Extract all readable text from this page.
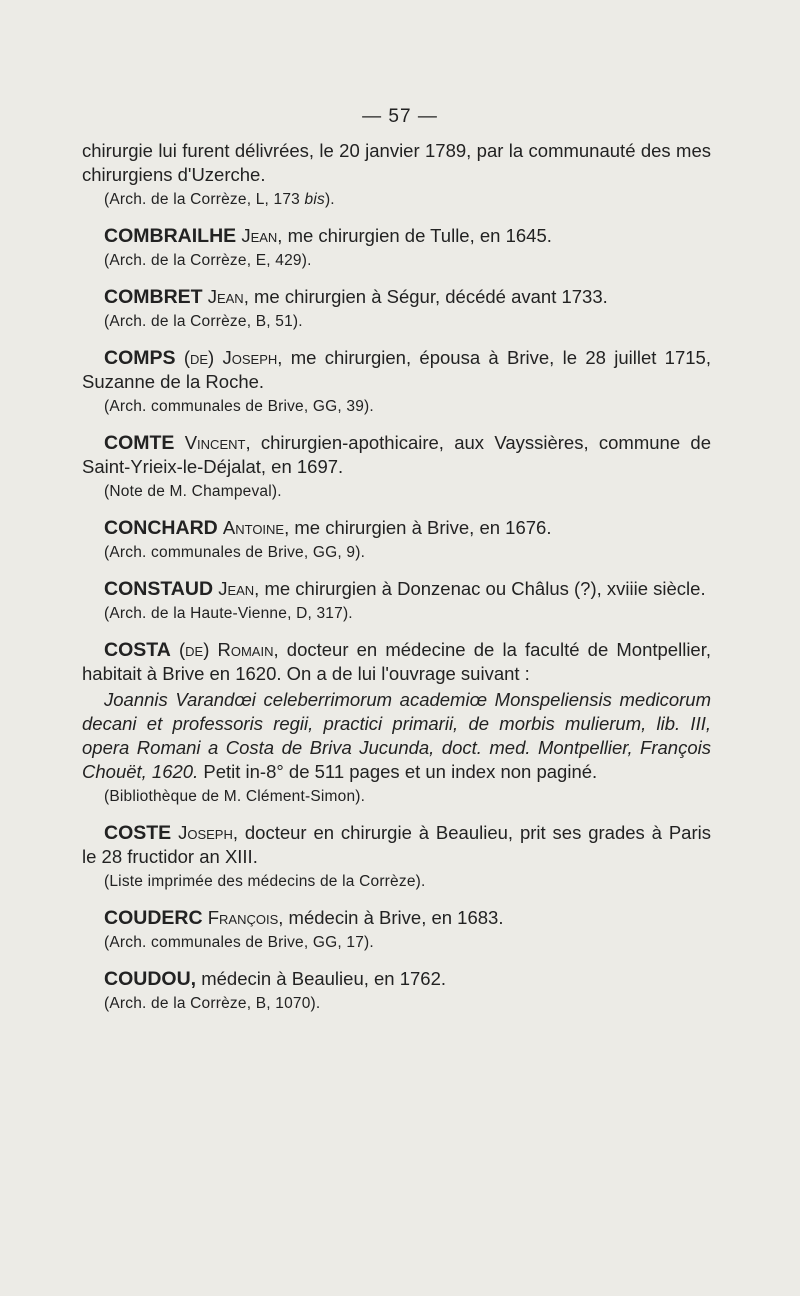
— 57 —

chirurgie lui furent délivrées, le 20 janvier 1789, par la communauté des mes chirurgiens d'Uzerche.

(Arch. de la Corrèze, L, 173 bis).

COMBRAILHE Jean, me chirurgien de Tulle, en 1645.

(Arch. de la Corrèze, E, 429).

COMBRET Jean, me chirurgien à Ségur, décédé avant 1733.

(Arch. de la Corrèze, B, 51).

COMPS (de) Joseph, me chirurgien, épousa à Brive, le 28 juillet 1715, Suzanne de la Roche.

(Arch. communales de Brive, GG, 39).

COMTE Vincent, chirurgien-apothicaire, aux Vayssières, commune de Saint-Yrieix-le-Déjalat, en 1697.

(Note de M. Champeval).

CONCHARD Antoine, me chirurgien à Brive, en 1676.

(Arch. communales de Brive, GG, 9).

CONSTAUD Jean, me chirurgien à Donzenac ou Châlus (?), xviiie siècle.

(Arch. de la Haute-Vienne, D, 317).

COSTA (de) Romain, docteur en médecine de la faculté de Montpellier, habitait à Brive en 1620. On a de lui l'ouvrage suivant :

Joannis Varandœi celeberrimorum academiœ Monspeliensis medicorum decani et professoris regii, practici primarii, de morbis mulierum, lib. III, opera Romani a Costa de Briva Jucunda, doct. med. Montpellier, François Chouët, 1620. Petit in-8° de 511 pages et un index non paginé.

(Bibliothèque de M. Clément-Simon).

COSTE Joseph, docteur en chirurgie à Beaulieu, prit ses grades à Paris le 28 fructidor an XIII.

(Liste imprimée des médecins de la Corrèze).

COUDERC François, médecin à Brive, en 1683.

(Arch. communales de Brive, GG, 17).

COUDOU, médecin à Beaulieu, en 1762.

(Arch. de la Corrèze, B, 1070).
